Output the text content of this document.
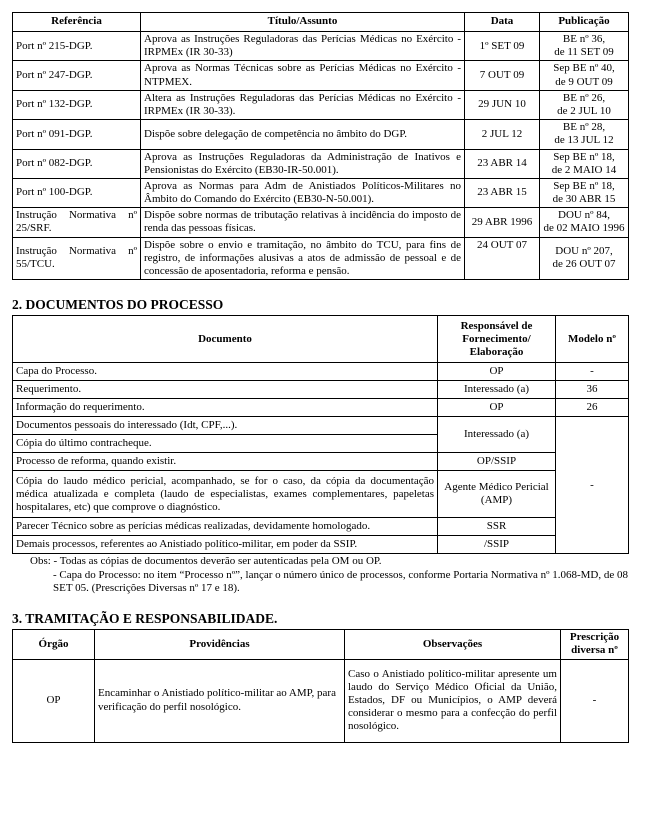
Referência	Título/Assunto	Data	Publicação
Port nº 215-DGP.	Aprova as Instruções Reguladoras das Perícias Médicas no Exército - IRPMEx (IR 30-33)	1º SET 09	BE nº 36,
de 11 SET 09
Port nº 247-DGP.	Aprova as Normas Técnicas sobre as Perícias Médicas no Exército - NTPMEX.	7 OUT 09	Sep BE nº 40,
de 9 OUT 09
Port nº 132-DGP.	Altera as Instruções Reguladoras das Perícias Médicas no Exército - IRPMEx (IR 30-33).	29 JUN 10	BE nº 26,
de 2 JUL 10
Port nº 091-DGP.	Dispõe sobre delegação de competência no âmbito do DGP.	2 JUL 12	BE nº 28,
de 13 JUL 12
Port nº 082-DGP.	Aprova as Instruções Reguladoras da Administração de Inativos e Pensionistas do Exército (EB30-IR-50.001).	23 ABR 14	Sep BE nº 18,
de 2 MAIO 14
Port nº 100-DGP.	Aprova as Normas para Adm de Anistiados Políticos-Militares no Âmbito do Comando do Exército (EB30-N-50.001).	23 ABR 15	Sep BE nº 18,
de 30 ABR 15
Instrução Normativa nº 25/SRF.	Dispõe sobre normas de tributação relativas à incidência do imposto de renda das pessoas físicas.	29 ABR 1996	DOU nº 84,
de 02 MAIO 1996
Instrução Normativa nº 55/TCU.	Dispõe sobre o envio e tramitação, no âmbito do TCU, para fins de registro, de informações alusivas a atos de admissão de pessoal e de concessão de aposentadoria, reforma e pensão.	24 OUT 07	DOU nº 207,
de 26 OUT 07
2. DOCUMENTOS DO PROCESSO
Documento	Responsável de Fornecimento/ Elaboração	Modelo nº
Capa do Processo.	OP	-
Requerimento.	Interessado (a)	36
Informação do requerimento.	OP	26
Documentos pessoais do interessado (Idt, CPF,...).	Interessado (a)	-
Cópia do último contracheque.		
Processo de reforma, quando existir.	OP/SSIP	
Cópia do laudo médico pericial, acompanhado, se for o caso, da cópia da documentação médica atualizada e completa (laudo de especialistas, exames complementares, papeletas hospitalares, etc) que comprove o diagnóstico.	Agente Médico Pericial (AMP)	
Parecer Técnico sobre as perícias médicas realizadas, devidamente homologado.	SSR	
Demais processos, referentes ao Anistiado político-militar, em poder da SSIP.	/SSIP	
Obs: - Todas as cópias de documentos deverão ser autenticadas pela OM ou OP.
- Capa do Processo: no item “Processo nº”, lançar o número único de processos, conforme Portaria Normativa nº 1.068-MD, de 08 SET 05. (Prescrições Diversas nº 17 e 18).
3. TRAMITAÇÃO E RESPONSABILIDADE.
Órgão	Providências	Observações	Prescrição diversa nº
OP	Encaminhar o Anistiado político-militar ao AMP, para verificação do perfil nosológico.	Caso o Anistiado político-militar apresente um laudo do Serviço Médico Oficial da União, Estados, DF ou Municípios, o AMP deverá considerar o mesmo para a confecção do perfil nosológico.	-
